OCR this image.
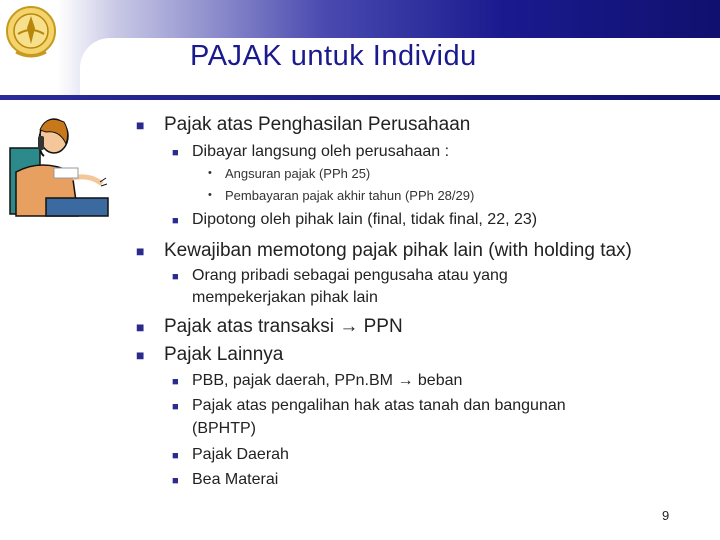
PAJAK untuk Individu
■ Pajak atas Penghasilan Perusahaan
■ Dibayar langsung oleh perusahaan :
• Angsuran pajak (PPh 25)
• Pembayaran pajak akhir tahun (PPh 28/29)
■ Dipotong oleh pihak lain (final, tidak final, 22, 23)
■ Kewajiban memotong pajak pihak lain (with holding tax)
■ Orang pribadi sebagai pengusaha atau yang
mempekerjakan pihak lain
■ Pajak atas transaksi → PPN
■ Pajak Lainnya
■ PBB, pajak daerah, PPn.BM → beban
■ Pajak atas pengalihan hak atas tanah dan bangunan
(BPHTP)
■ Pajak Daerah
■ Bea Materai
9
